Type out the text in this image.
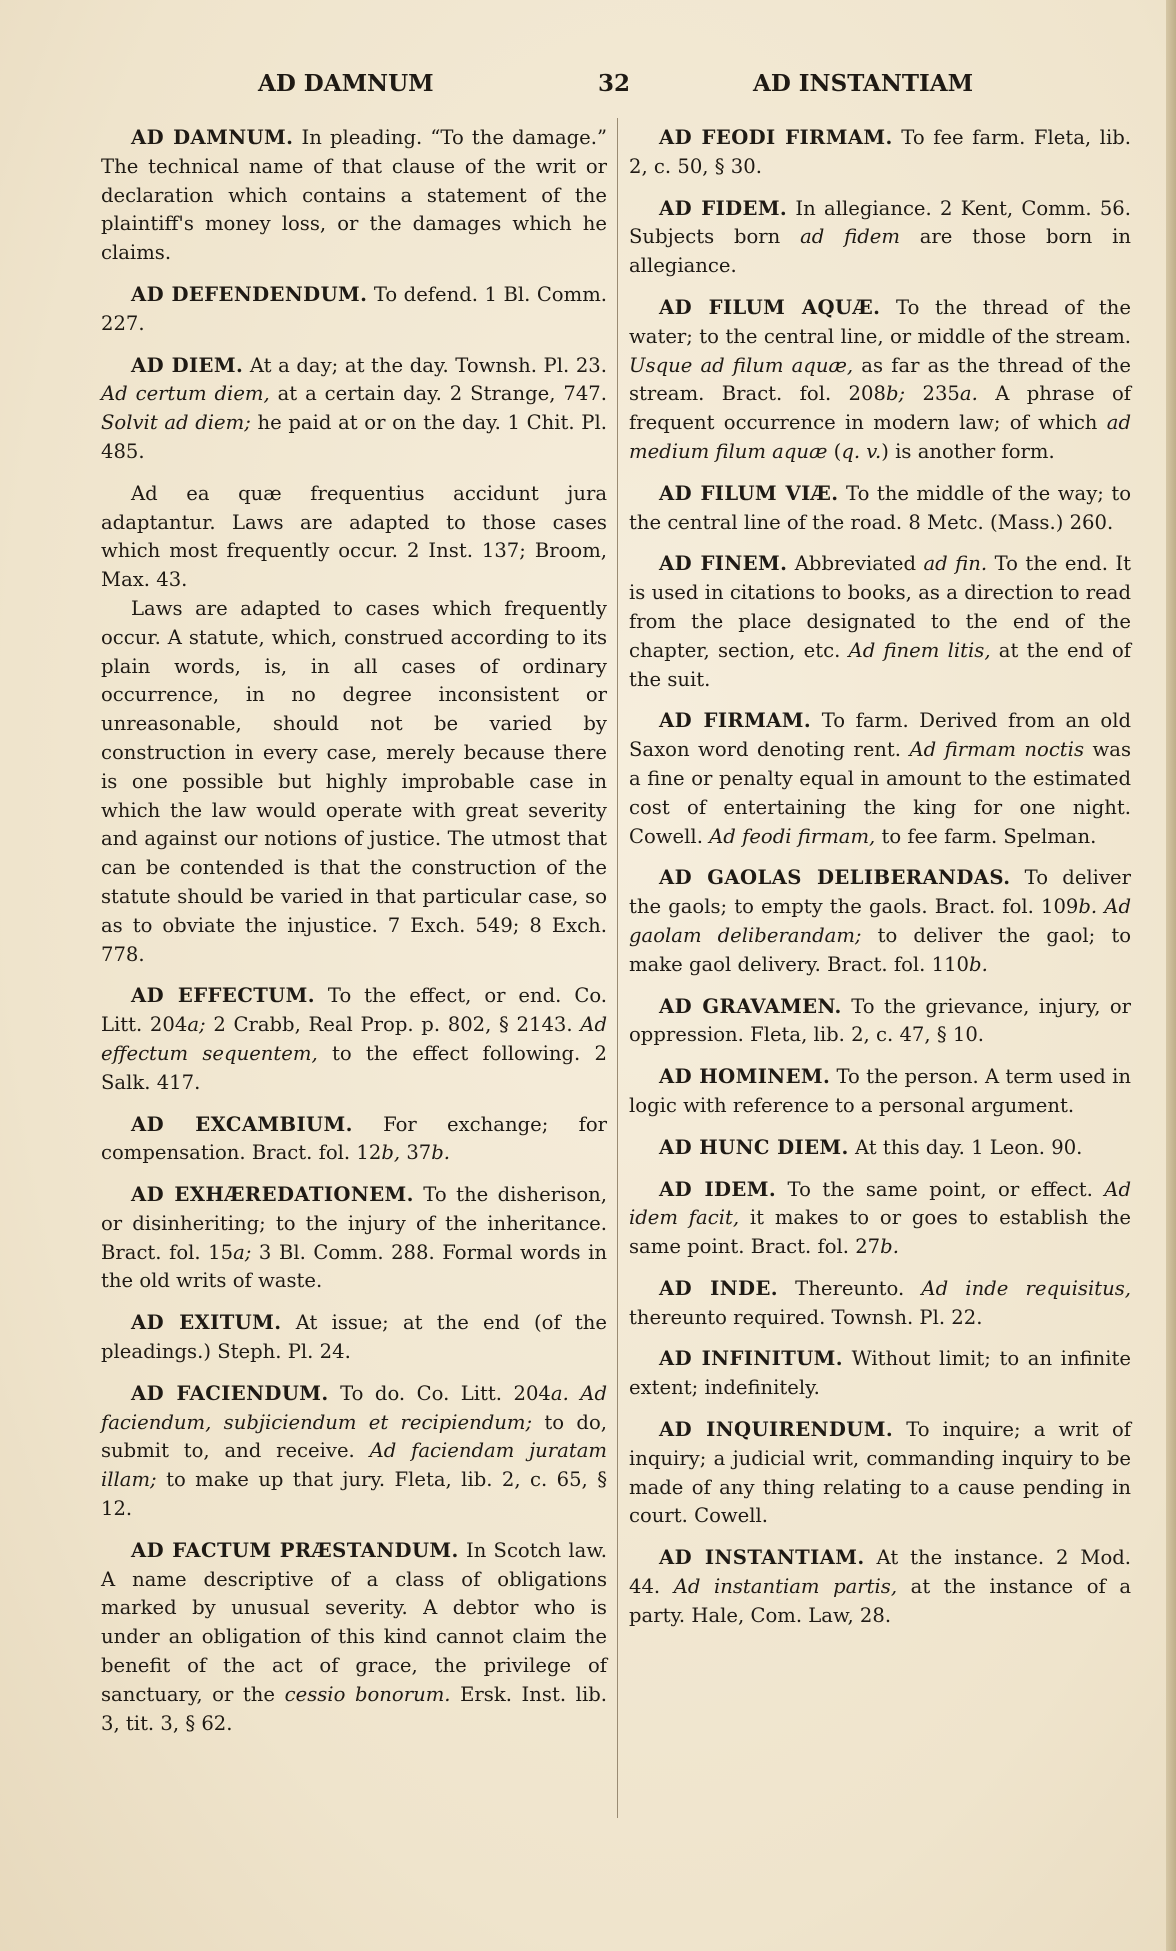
AD DAMNUM	32	AD INSTANTIAM

AD DAMNUM. In pleading. “To the damage.” The technical name of that clause of the writ or declaration which contains a statement of the plaintiff's money loss, or the damages which he claims.

AD DEFENDENDUM. To defend. 1 Bl. Comm. 227.

AD DIEM. At a day; at the day. Townsh. Pl. 23. Ad certum diem, at a certain day. 2 Strange, 747. Solvit ad diem; he paid at or on the day. 1 Chit. Pl. 485.

Ad ea quæ frequentius accidunt jura adaptantur. Laws are adapted to those cases which most frequently occur. 2 Inst. 137; Broom, Max. 43.

Laws are adapted to cases which frequently occur. A statute, which, construed according to its plain words, is, in all cases of ordinary occurrence, in no degree inconsistent or unreasonable, should not be varied by construction in every case, merely because there is one possible but highly improbable case in which the law would operate with great severity and against our notions of justice. The utmost that can be contended is that the construction of the statute should be varied in that particular case, so as to obviate the injustice. 7 Exch. 549; 8 Exch. 778.

AD EFFECTUM. To the effect, or end. Co. Litt. 204a; 2 Crabb, Real Prop. p. 802, § 2143. Ad effectum sequentem, to the effect following. 2 Salk. 417.

AD EXCAMBIUM. For exchange; for compensation. Bract. fol. 12b, 37b.

AD EXHÆREDATIONEM. To the disherison, or disinheriting; to the injury of the inheritance. Bract. fol. 15a; 3 Bl. Comm. 288. Formal words in the old writs of waste.

AD EXITUM. At issue; at the end (of the pleadings.) Steph. Pl. 24.

AD FACIENDUM. To do. Co. Litt. 204a. Ad faciendum, subjiciendum et recipiendum; to do, submit to, and receive. Ad faciendam juratam illam; to make up that jury. Fleta, lib. 2, c. 65, § 12.

AD FACTUM PRÆSTANDUM. In Scotch law. A name descriptive of a class of obligations marked by unusual severity. A debtor who is under an obligation of this kind cannot claim the benefit of the act of grace, the privilege of sanctuary, or the cessio bonorum. Ersk. Inst. lib. 3, tit. 3, § 62.

AD FEODI FIRMAM. To fee farm. Fleta, lib. 2, c. 50, § 30.

AD FIDEM. In allegiance. 2 Kent, Comm. 56. Subjects born ad fidem are those born in allegiance.

AD FILUM AQUÆ. To the thread of the water; to the central line, or middle of the stream. Usque ad filum aquæ, as far as the thread of the stream. Bract. fol. 208b; 235a. A phrase of frequent occurrence in modern law; of which ad medium filum aquæ (q. v.) is another form.

AD FILUM VIÆ. To the middle of the way; to the central line of the road. 8 Metc. (Mass.) 260.

AD FINEM. Abbreviated ad fin. To the end. It is used in citations to books, as a direction to read from the place designated to the end of the chapter, section, etc. Ad finem litis, at the end of the suit.

AD FIRMAM. To farm. Derived from an old Saxon word denoting rent. Ad firmam noctis was a fine or penalty equal in amount to the estimated cost of entertaining the king for one night. Cowell. Ad feodi firmam, to fee farm. Spelman.

AD GAOLAS DELIBERANDAS. To deliver the gaols; to empty the gaols. Bract. fol. 109b. Ad gaolam deliberandam; to deliver the gaol; to make gaol delivery. Bract. fol. 110b.

AD GRAVAMEN. To the grievance, injury, or oppression. Fleta, lib. 2, c. 47, § 10.

AD HOMINEM. To the person. A term used in logic with reference to a personal argument.

AD HUNC DIEM. At this day. 1 Leon. 90.

AD IDEM. To the same point, or effect. Ad idem facit, it makes to or goes to establish the same point. Bract. fol. 27b.

AD INDE. Thereunto. Ad inde requisitus, thereunto required. Townsh. Pl. 22.

AD INFINITUM. Without limit; to an infinite extent; indefinitely.

AD INQUIRENDUM. To inquire; a writ of inquiry; a judicial writ, commanding inquiry to be made of any thing relating to a cause pending in court. Cowell.

AD INSTANTIAM. At the instance. 2 Mod. 44. Ad instantiam partis, at the instance of a party. Hale, Com. Law, 28.
